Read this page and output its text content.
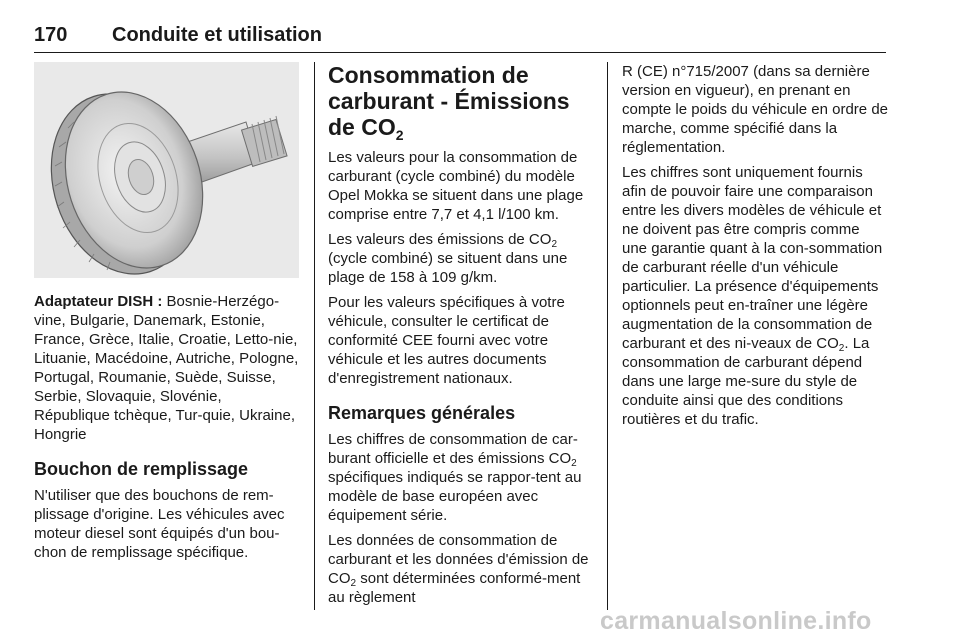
170 Conduite et utilisation

Adaptateur DISH : Bosnie-Herzégo-vine, Bulgarie, Danemark, Estonie, France, Grèce, Italie, Croatie, Letto-nie, Lituanie, Macédoine, Autriche, Pologne, Portugal, Roumanie, Suède, Suisse, Serbie, Slovaquie, Slovénie, République tchèque, Tur-quie, Ukraine, Hongrie

Bouchon de remplissage

N'utiliser que des bouchons de rem-plissage d'origine. Les véhicules avec moteur diesel sont équipés d'un bou-chon de remplissage spécifique.

Consommation de carburant - Émissions de $CO_2$

Les valeurs pour la consommation de carburant (cycle combiné) du modèle Opel Mokka se situent dans une plage comprise entre 7,7 et 4,1 l/100 km.

Les valeurs des émissions de $CO_2$ (cycle combiné) se situent dans une plage de 158 à 109 g/km.

Pour les valeurs spécifiques à votre véhicule, consulter le certificat de conformité CEE fourni avec votre véhicule et les autres documents d'enregistrement nationaux.

Remarques générales

Les chiffres de consommation de car-burant officielle et des émissions $CO_2$ spécifiques indiqués se rappor-tent au modèle de base européen avec équipement série.

Les données de consommation de carburant et les données d'émission de $CO_2$ sont déterminées conformé-ment au règlement

R (CE) n°715/2007 (dans sa dernière version en vigueur), en prenant en compte le poids du véhicule en ordre de marche, comme spécifié dans la réglementation.

Les chiffres sont uniquement fournis afin de pouvoir faire une comparaison entre les divers modèles de véhicule et ne doivent pas être compris comme une garantie quant à la con-sommation de carburant réelle d'un véhicule particulier. La présence d'équipements optionnels peut en-traîner une légère augmentation de la consommation de carburant et des ni-veaux de $CO_2$. La consommation de carburant dépend dans une large me-sure du style de conduite ainsi que des conditions routières et du trafic.

carmanualsonline.info
